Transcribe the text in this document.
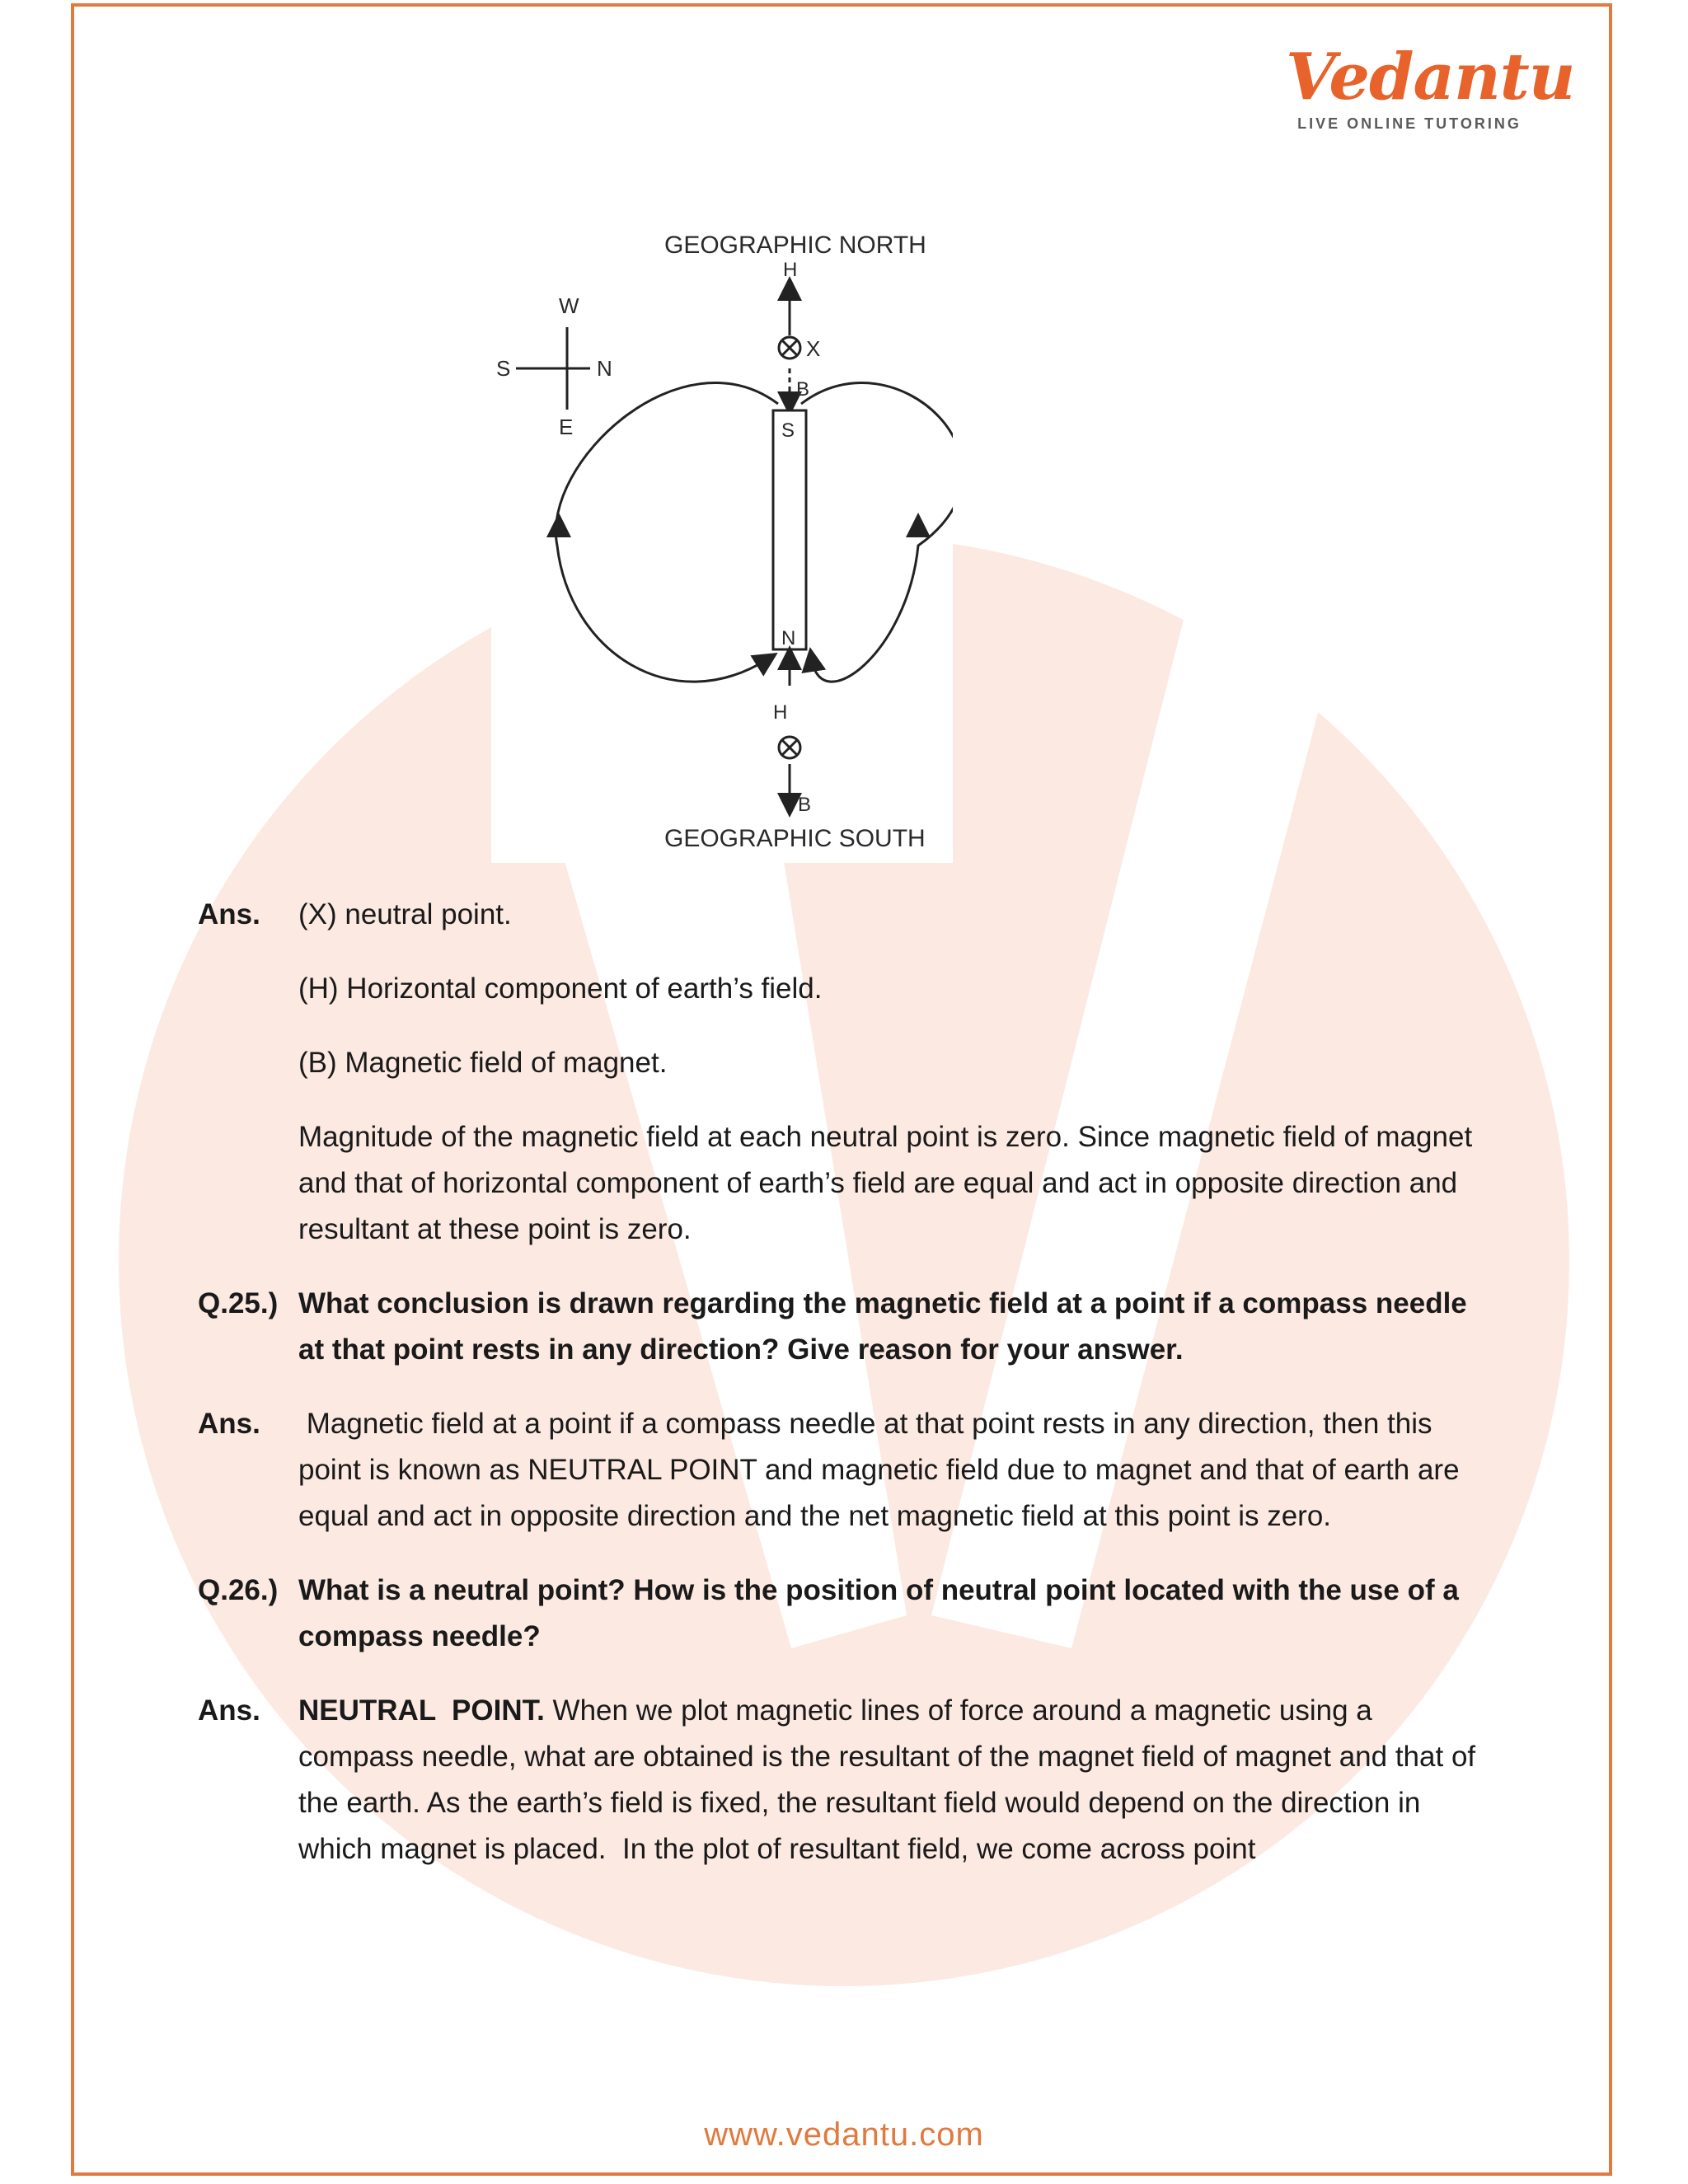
Vedantu
LIVE ONLINE TUTORING
W
E
S	N
GEOGRAPHIC NORTH
GEOGRAPHIC SOUTH
H
X
B
S
N
H
B
Ans.	(X) neutral point.

(H) Horizontal component of earth’s field.

(B) Magnetic field of magnet.

Magnitude of the magnetic field at each neutral point is zero. Since magnetic field of magnet and that of horizontal component of earth’s field are equal and act in opposite direction and resultant at these point is zero.

Q.25.) What conclusion is drawn regarding the magnetic field at a point if a compass needle at that point rests in any direction? Give reason for your answer.
Ans.	Magnetic field at a point if a compass needle at that point rests in any direction, then this point is known as NEUTRAL POINT and magnetic field due to magnet and that of earth are equal and act in opposite direction and the net magnetic field at this point is zero.
Q.26.) What is a neutral point? How is the position of neutral point located with the use of a compass needle?
Ans.	NEUTRAL  POINT. When we plot magnetic lines of force around a magnetic using a compass needle, what are obtained is the resultant of the magnet field of magnet and that of the earth. As the earth’s field is fixed, the resultant field would depend on the direction in which magnet is placed.  In the plot of resultant field, we come across point
www.vedantu.com
